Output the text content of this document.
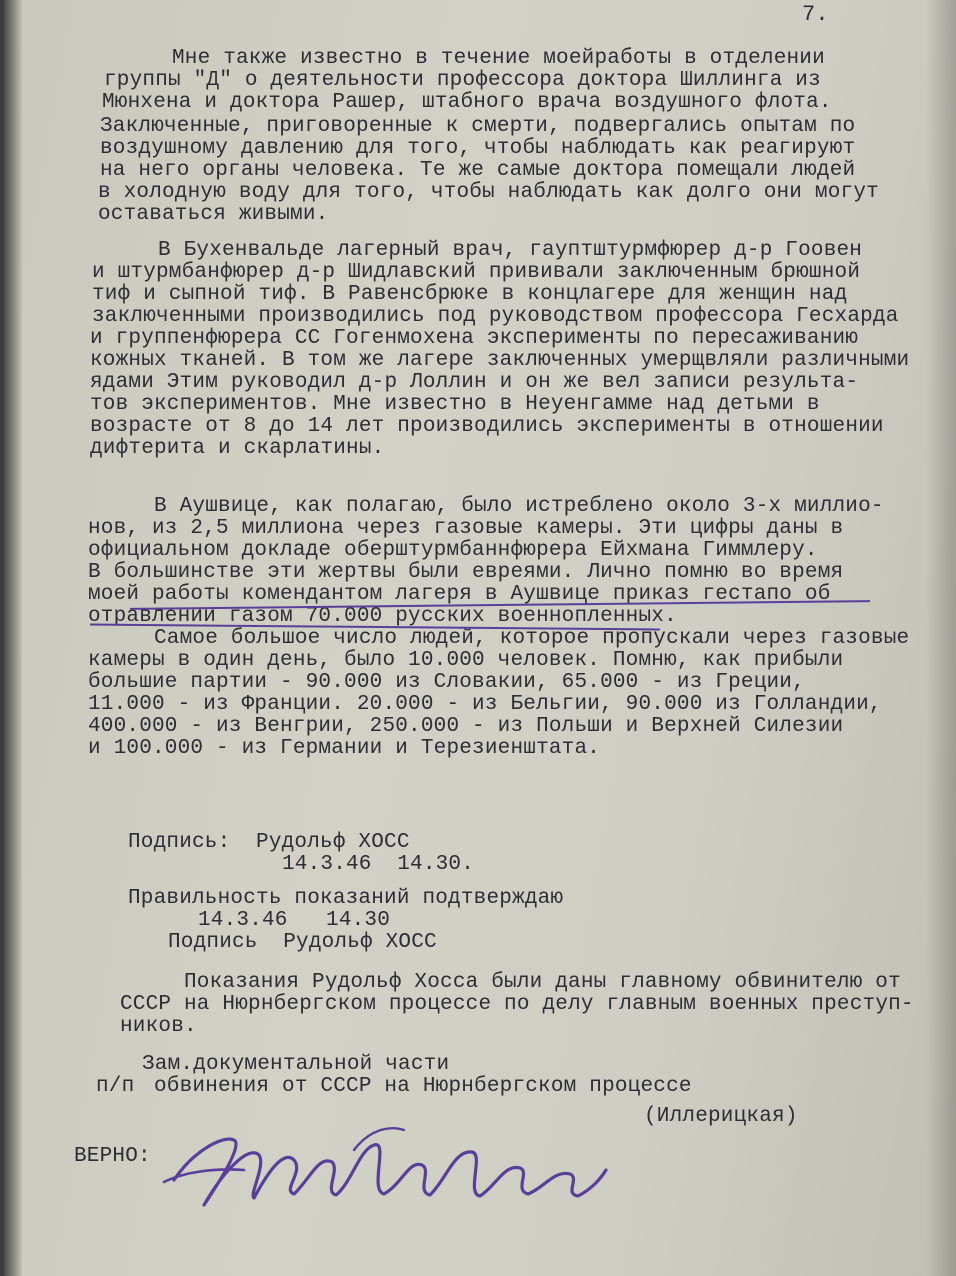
7.
Мне также известно в течение моейработы в отделении
группы "Д" о деятельности профессора доктора Шиллинга из
Мюнхена и доктора Рашер, штабного врача воздушного флота.
Заключенные, приговоренные к смерти, подвергались опытам по
воздушному давлению для того, чтобы наблюдать как реагируют
на него органы человека. Те же самые доктора помещали людей
в холодную воду для того, чтобы наблюдать как долго они могут
оставаться живыми.
В Бухенвальде лагерный врач, гауптштурмфюрер д-р Гоовен
и штурмбанфюрер д-р Шидлавский прививали заключенным брюшной
тиф и сыпной тиф. В Равенсбрюке в концлагере для женщин над
заключенными производились под руководством профессора Гесхарда
и группенфюрера СС Гогенмохена эксперименты по пересаживанию
кожных тканей. В том же лагере заключенных умерщвляли различными
ядами Этим руководил д-р Лоллин и он же вел записи результа-
тов экспериментов. Мне известно в Неуенгамме над детьми в
возрасте от 8 до 14 лет производились эксперименты в отношении
дифтерита и скарлатины.
В Аушвице, как полагаю, было истреблено около 3-х миллио-
нов, из 2,5 миллиона через газовые камеры. Эти цифры даны в
официальном докладе оберштурмбаннфюрера Ейхмана Гиммлеру.
В большинстве эти жертвы были евреями. Лично помню во время
моей работы комендантом лагеря в Аушвице приказ гестапо об
отравлении газом 70.000 русских военнопленных.
Самое большое число людей, которое пропускали через газовые
камеры в один день, было 10.000 человек. Помню, как прибыли
большие партии - 90.000 из Словакии, 65.000 - из Греции,
11.000 - из Франции. 20.000 - из Бельгии, 90.000 из Голландии,
400.000 - из Венгрии, 250.000 - из Польши и Верхней Силезии
и 100.000 - из Германии и Терезиенштата.
Подпись:  Рудольф ХОСС
14.3.46  14.30.
Правильность показаний подтверждаю
14.3.46   14.30
Подпись  Рудольф ХОСС
Показания Рудольф Хосса были даны главному обвинителю от
СССР на Нюрнбергском процессе по делу главным военных преступ-
ников.
Зам.документальной части
п/п обвинения от СССР на Нюрнбергском процессе
(Иллерицкая)
ВЕРНО:
